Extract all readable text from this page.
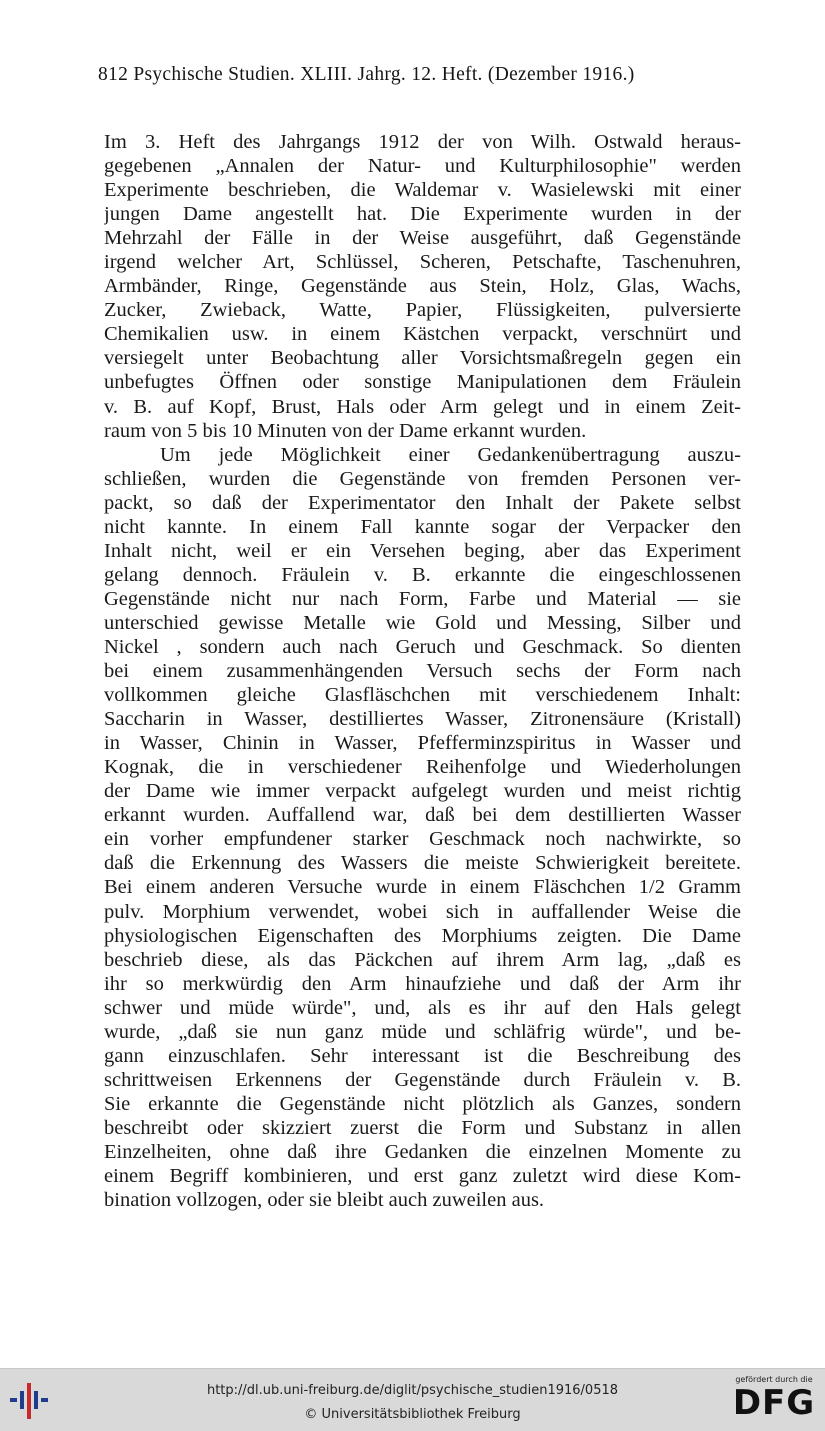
812 Psychische Studien. XLIII. Jahrg. 12. Heft. (Dezember 1916.)
Im 3. Heft des Jahrgangs 1912 der von Wilh. Ostwald heraus-
gegebenen „Annalen der Natur- und Kulturphilosophie" werden
Experimente beschrieben, die Waldemar v. Wasielewski mit einer
jungen Dame angestellt hat. Die Experimente wurden in der
Mehrzahl der Fälle in der Weise ausgeführt, daß Gegenstände
irgend welcher Art, Schlüssel, Scheren, Petschafte, Taschenuhren,
Armbänder, Ringe, Gegenstände aus Stein, Holz, Glas, Wachs,
Zucker, Zwieback, Watte, Papier, Flüssigkeiten, pulversierte
Chemikalien usw. in einem Kästchen verpackt, verschnürt und
versiegelt unter Beobachtung aller Vorsichtsmaßregeln gegen ein
unbefugtes Öffnen oder sonstige Manipulationen dem Fräulein
v. B. auf Kopf, Brust, Hals oder Arm gelegt und in einem Zeit-
raum von 5 bis 10 Minuten von der Dame erkannt wurden.
Um jede Möglichkeit einer Gedankenübertragung auszu-
schließen, wurden die Gegenstände von fremden Personen ver-
packt, so daß der Experimentator den Inhalt der Pakete selbst
nicht kannte. In einem Fall kannte sogar der Verpacker den
Inhalt nicht, weil er ein Versehen beging, aber das Experiment
gelang dennoch. Fräulein v. B. erkannte die eingeschlossenen
Gegenstände nicht nur nach Form, Farbe und Material — sie
unterschied gewisse Metalle wie Gold und Messing, Silber und
Nickel , sondern auch nach Geruch und Geschmack. So dienten
bei einem zusammenhängenden Versuch sechs der Form nach
vollkommen gleiche Glasfläschchen mit verschiedenem Inhalt:
Saccharin in Wasser, destilliertes Wasser, Zitronensäure (Kristall)
in Wasser, Chinin in Wasser, Pfefferminzspiritus in Wasser und
Kognak, die in verschiedener Reihenfolge und Wiederholungen
der Dame wie immer verpackt aufgelegt wurden und meist richtig
erkannt wurden. Auffallend war, daß bei dem destillierten Wasser
ein vorher empfundener starker Geschmack noch nachwirkte, so
daß die Erkennung des Wassers die meiste Schwierigkeit bereitete.
Bei einem anderen Versuche wurde in einem Fläschchen 1/2 Gramm
pulv. Morphium verwendet, wobei sich in auffallender Weise die
physiologischen Eigenschaften des Morphiums zeigten. Die Dame
beschrieb diese, als das Päckchen auf ihrem Arm lag, „daß es
ihr so merkwürdig den Arm hinaufziehe und daß der Arm ihr
schwer und müde würde", und, als es ihr auf den Hals gelegt
wurde, „daß sie nun ganz müde und schläfrig würde", und be-
gann einzuschlafen. Sehr interessant ist die Beschreibung des
schrittweisen Erkennens der Gegenstände durch Fräulein v. B.
Sie erkannte die Gegenstände nicht plötzlich als Ganzes, sondern
beschreibt oder skizziert zuerst die Form und Substanz in allen
Einzelheiten, ohne daß ihre Gedanken die einzelnen Momente zu
einem Begriff kombinieren, und erst ganz zuletzt wird diese Kom-
bination vollzogen, oder sie bleibt auch zuweilen aus.
http://dl.ub.uni-freiburg.de/diglit/psychische_studien1916/0518
© Universitätsbibliothek Freiburg
gefördert durch die
DFG
